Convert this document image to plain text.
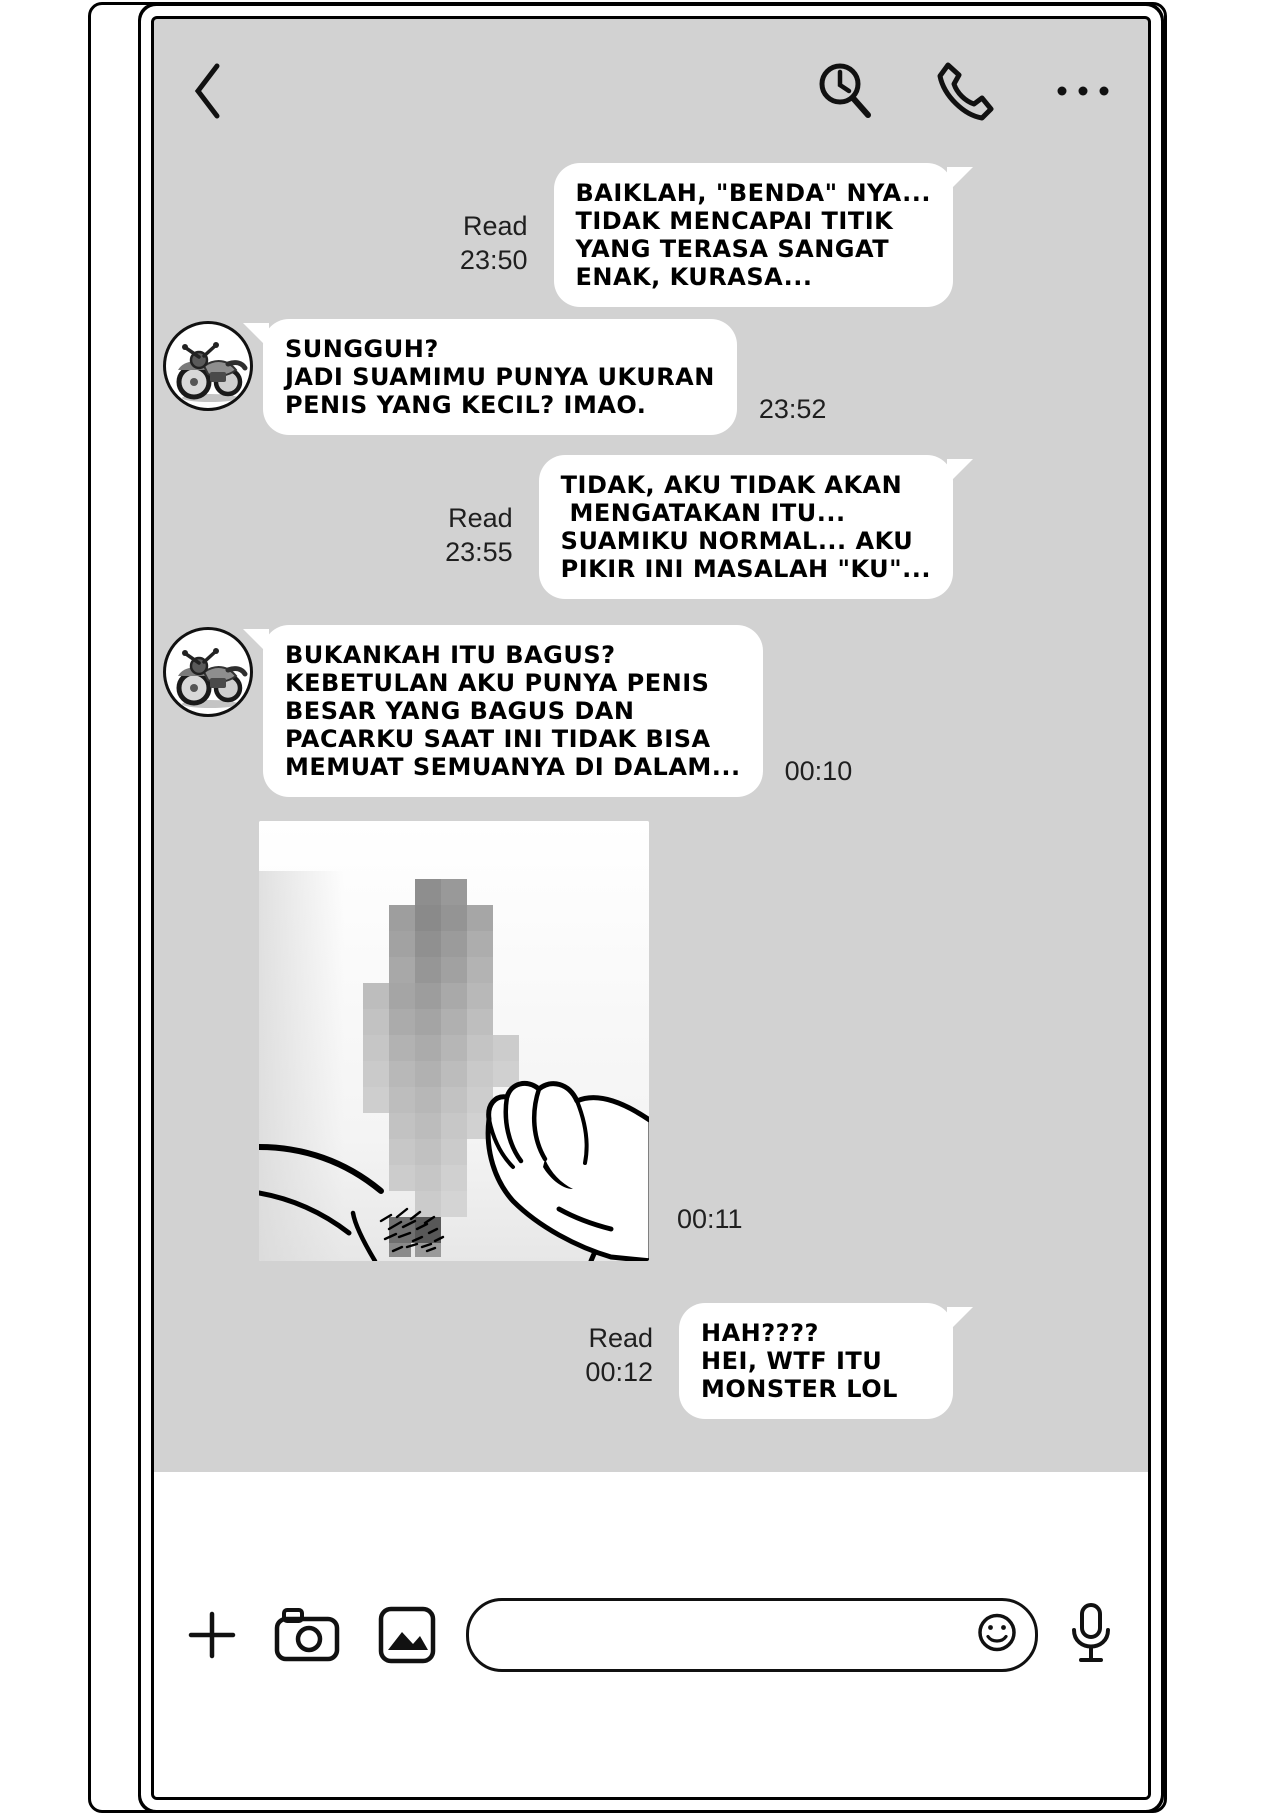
Read
23:50
BAIKLAH, "BENDA" NYA...
TIDAK MENCAPAI TITIK
YANG TERASA SANGAT
ENAK, KURASA...
SUNGGUH?
JADI SUAMIMU PUNYA UKURAN
PENIS YANG KECIL? IMAO.	23:52
Read
23:55
TIDAK, AKU TIDAK AKAN
MENGATAKAN ITU...
SUAMIKU NORMAL... AKU
PIKIR INI MASALAH "KU"...
BUKANKAH ITU BAGUS?
KEBETULAN AKU PUNYA PENIS
BESAR YANG BAGUS DAN
PACARKU SAAT INI TIDAK BISA
MEMUAT SEMUANYA DI DALAM... 00:10
00:11
Read
00:12
HAH????
HEI, WTF ITU
MONSTER LOL
